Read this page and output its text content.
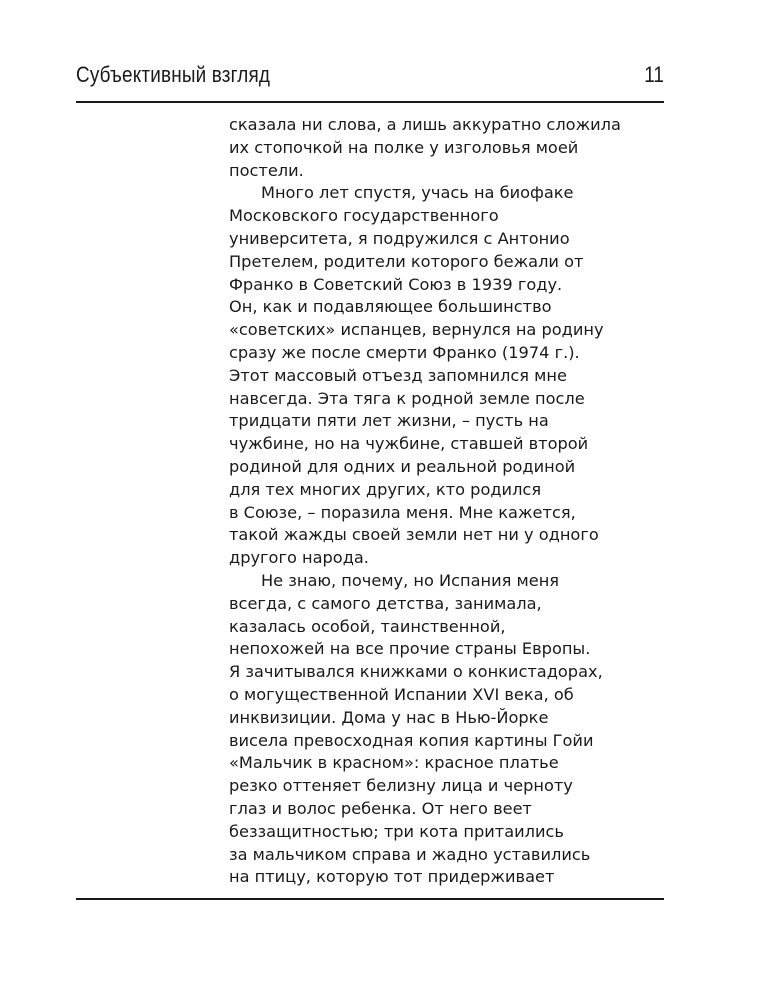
Субъективный взгляд	11
сказала ни слова, а лишь аккуратно сложила
их стопочкой на полке у изголовья моей
постели.
Много лет спустя, учась на биофаке
Московского государственного
университета, я подружился с Антонио
Претелем, родители которого бежали от
Франко в Советский Союз в 1939 году.
Он, как и подавляющее большинство
«советских» испанцев, вернулся на родину
сразу же после смерти Франко (1974 г.).
Этот массовый отъезд запомнился мне
навсегда. Эта тяга к родной земле после
тридцати пяти лет жизни, – пусть на
чужбине, но на чужбине, ставшей второй
родиной для одних и реальной родиной
для тех многих других, кто родился
в Союзе, – поразила меня. Мне кажется,
такой жажды своей земли нет ни у одного
другого народа.
Не знаю, почему, но Испания меня
всегда, с самого детства, занимала,
казалась особой, таинственной,
непохожей на все прочие страны Европы.
Я зачитывался книжками о конкистадорах,
о могущественной Испании XVI века, об
инквизиции. Дома у нас в Нью-Йорке
висела превосходная копия картины Гойи
«Мальчик в красном»: красное платье
резко оттеняет белизну лица и черноту
глаз и волос ребенка. От него веет
беззащитностью; три кота притаились
за мальчиком справа и жадно уставились
на птицу, которую тот придерживает
